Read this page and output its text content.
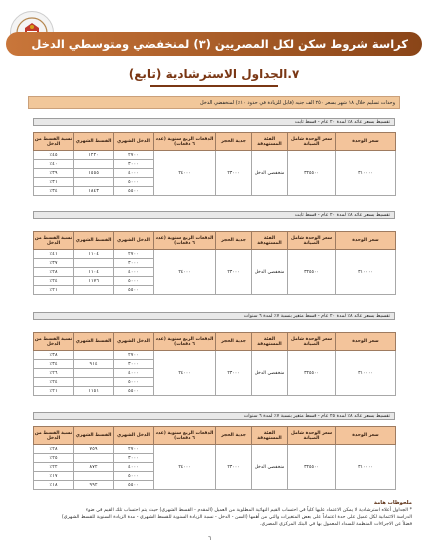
كراسة شروط سكن لكل المصريين (٣) لمنخفضي ومتوسطي الدخل
٧.الجداول الاسترشادية (تابع)
وحدات تسليم خلال ١٨ شهر بسعر ٢٥٠ الف جنيه (قابل للزيادة في حدود ١٠٪) لمنخفضي الدخل
تقسيط بسعر عائد ٨٪ لمدة ٢٠ عام - قسط ثابت
سعر الوحدة	سعر الوحدة شامل الصيانة	الفئة المستهدفة	جدية الحجز	الدفعات الربع سنوية (عدد ٦ دفعات)	الدخل الشهري	القسط الشهري	نسبة القسط من الدخل
٣١٠٠٠٠	٣٢٥٥٠٠	منخفضي الدخل	٢٣٠٠٠	٢٤٠٠٠	٢٧٠٠	١٢٢٠	٤٥٪
					٣٠٠٠		٤٠٪
					٤٠٠٠	١٥٥٥	٣٩٪
					٥٠٠٠		٣١٪
					٥٥٠٠	١٨٤٣	٣٤٪
تقسيط بسعر عائد ٨٪ لمدة ٢٠ عام - قسط ثابت
سعر الوحدة	سعر الوحدة شامل الصيانة	الفئة المستهدفة	جدية الحجز	الدفعات الربع سنوية (عدد ٦ دفعات)	الدخل الشهري	القسط الشهري	نسبة القسط من الدخل
٣١٠٠٠٠	٣٢٥٥٠٠	منخفضي الدخل	٢٣٠٠٠	٢٤٠٠٠	٢٧٠٠	١١٠٤	٤١٪
					٣٠٠٠		٣٧٪
					٤٠٠٠	١١٠٤	٢٨٪
					٥٠٠٠	١١٧٦	٢٤٪
					٥٥٠٠		٢١٪
تقسيط بسعر عائد ٨٪ لمدة ٢٠ عام - قسط متغير بنسبة ٧٪ لمدة ٦ سنوات
سعر الوحدة	سعر الوحدة شامل الصيانة	الفئة المستهدفة	جدية الحجز	الدفعات الربع سنوية (عدد ٦ دفعات)	الدخل الشهري	القسط الشهري	نسبة القسط من الدخل
٣١٠٠٠٠	٣٢٥٥٠٠	منخفضي الدخل	٢٣٠٠٠	٢٤٠٠٠	٢٧٠٠		٣٨٪
					٣٠٠٠	٩١٤	٣٤٪
					٤٠٠٠		٢٦٪
					٥٠٠٠		٢٤٪
					٥٥٠٠	١١٥١	٢١٪
تقسيط بسعر عائد ٨٪ لمدة ٢٥ عام - قسط متغير بنسبة ٧٪ لمدة ٦ سنوات
سعر الوحدة	سعر الوحدة شامل الصيانة	الفئة المستهدفة	جدية الحجز	الدفعات الربع سنوية (عدد ٦ دفعات)	الدخل الشهري	القسط الشهري	نسبة القسط من الدخل
٣١٠٠٠٠	٣٢٥٥٠٠	منخفضي الدخل	٢٣٠٠٠	٢٤٠٠٠	٢٧٠٠	٧٥٩	٢٨٪
					٣٠٠٠		٢٥٪
					٤٠٠٠	٨٧٢	٢٢٪
					٥٠٠٠		١٧٪
					٥٥٠٠	٩٩٢	١٨٪
ملحوظات هامة
* الجداول أعلاه استرشادية لا يمكن الاعتماد عليها كلياً في احتساب القيم النهائية المطلوبة من العميل (المقدم - القسط الشهري) حيث يتم احتساب تلك القيم في ضوء
الدراسة الائتمانية لكل عميل على حدة اعتماداً على بعض المتغيرات والتي من أهمها (السن - الدخل - نسبة الزيادة السنوية للقسط الشهري - مدة الزيادة السنوية للقسط الشهري)
فضلاً عن الاجراءات المنظمة للسداد المعمول بها في البنك المركزي المصري.
٦
